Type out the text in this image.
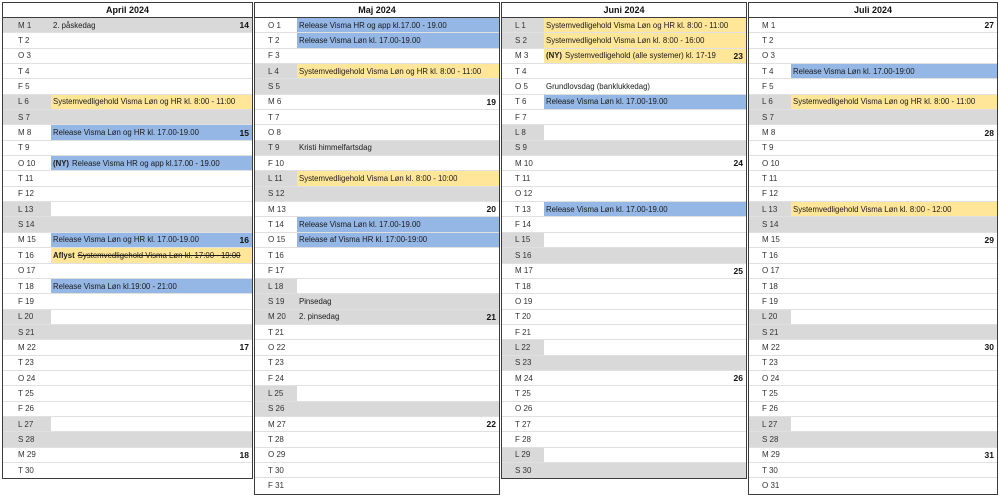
April 2024
M 1	2. påskedag	14
T 2
O 3
T 4
F 5
L 6	Systemvedligehold Visma Løn og HR kl. 8:00 - 11:00
S 7
M 8	Release Visma Løn og HR kl. 17.00-19.00	15
T 9
O 10	(NY) Release Visma HR og app kl.17.00 - 19.00
T 11
F 12
L 13
S 14
M 15	Release Visma Løn og HR kl. 17.00-19.00	16
T 16	Aflyst Systemvedligehold Visma Løn kl. 17:00 - 19:00
O 17
T 18	Release Visma Løn kl.19:00 - 21:00
F 19
L 20
S 21
M 22	17
T 23
O 24
T 25
F 26
L 27
S 28
M 29	18
T 30
Maj 2024
O 1	Release Visma HR og app kl.17.00 - 19.00
T 2	Release Visma Løn kl. 17.00-19.00
F 3
L 4	Systemvedligehold Visma Løn og HR kl. 8:00 - 11:00
S 5
M 6	19
T 7
O 8
T 9	Kristi himmelfartsdag
F 10
L 11	Systemvedligehold Visma Løn kl. 8:00 - 10:00
S 12
M 13	20
T 14	Release Visma Løn kl. 17.00-19.00
O 15	Release af Visma HR kl. 17:00-19:00
T 16
F 17
L 18
S 19	Pinsedag
M 20	2. pinsedag	21
T 21
O 22
T 23
F 24
L 25
S 26
M 27	22
T 28
O 29
T 30
F 31
Juni 2024
L 1	Systemvedligehold Visma Løn og HR kl. 8:00 - 11:00
S 2	Systemvedligehold Visma Løn kl. 8:00 - 16:00
M 3	(NY) Systemvedligehold (alle systemer) kl. 17-19	23
T 4
O 5	Grundlovsdag (banklukkedag)
T 6	Release Visma Løn kl. 17.00-19.00
F 7
L 8
S 9
M 10	24
T 11
O 12
T 13	Release Visma Løn kl. 17.00-19.00
F 14
L 15
S 16
M 17	25
T 18
O 19
T 20
F 21
L 22
S 23
M 24	26
T 25
O 26
T 27
F 28
L 29
S 30
Juli 2024
M 1	27
T 2
O 3
T 4	Release Visma Løn kl. 17.00-19:00
F 5
L 6	Systemvedligehold Visma Løn og HR kl. 8:00 - 11:00
S 7
M 8	28
T 9
O 10
T 11
F 12
L 13	Systemvedligehold Visma Løn kl. 8:00 - 12:00
S 14
M 15	29
T 16
O 17
T 18
F 19
L 20
S 21
M 22	30
T 23
O 24
T 25
F 26
L 27
S 28
M 29	31
T 30
O 31
